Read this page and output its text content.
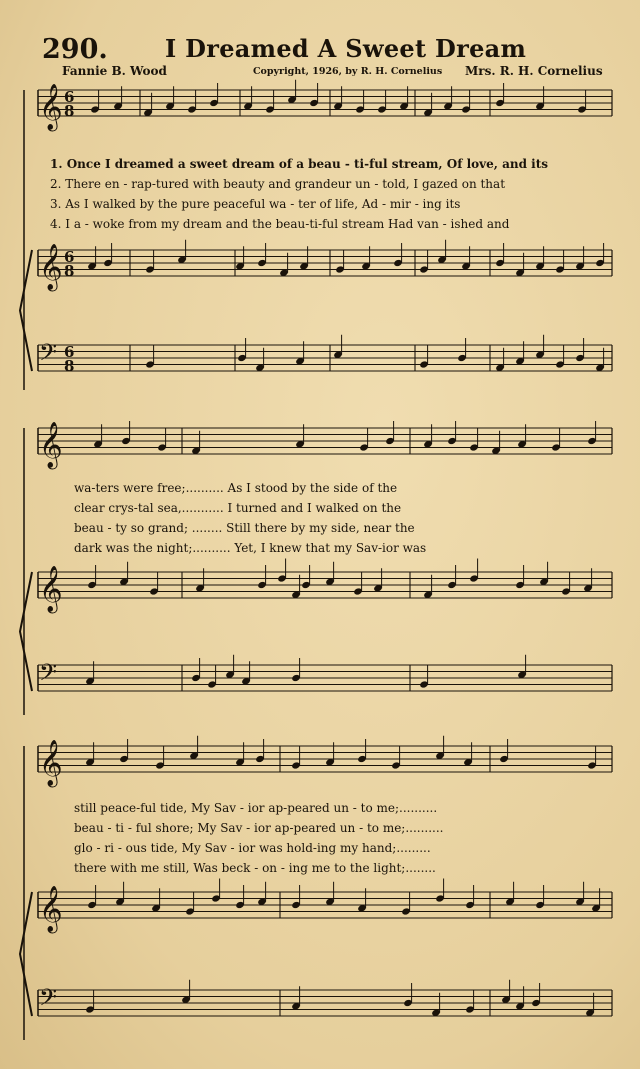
290. I Dreamed A Sweet Dream
Fannie B. Wood	Copyright, 1926, by R. H. Cornelius Mrs. R. H. Cornelius
𝄞 6
8
𝄞 6
8
𝄢 6
8
𝄞
𝄞
𝄢
𝄞
𝄞
𝄢
1. Once I dreamed a sweet dream of a beau - ti-ful stream, Of love, and its
2. There en - rap-tured with beauty and grandeur un - told, I gazed on that
3. As I walked by the pure peaceful wa - ter of life, Ad - mir - ing its
4. I a - woke from my dream and the beau-ti-ful stream Had van - ished and
wa-ters were free;.......... As I stood by the side of the
clear crys-tal sea,........... I turned and I walked on the
beau - ty so grand; ........ Still there by my side, near the
dark was the night;.......... Yet, I knew that my Sav-ior was
still peace-ful tide, My Sav - ior ap-peared un - to me;..........
beau - ti - ful shore; My Sav - ior ap-peared un - to me;..........
glo - ri - ous tide, My Sav - ior was hold-ing my hand;.........
there with me still, Was beck - on - ing me to the light;........
